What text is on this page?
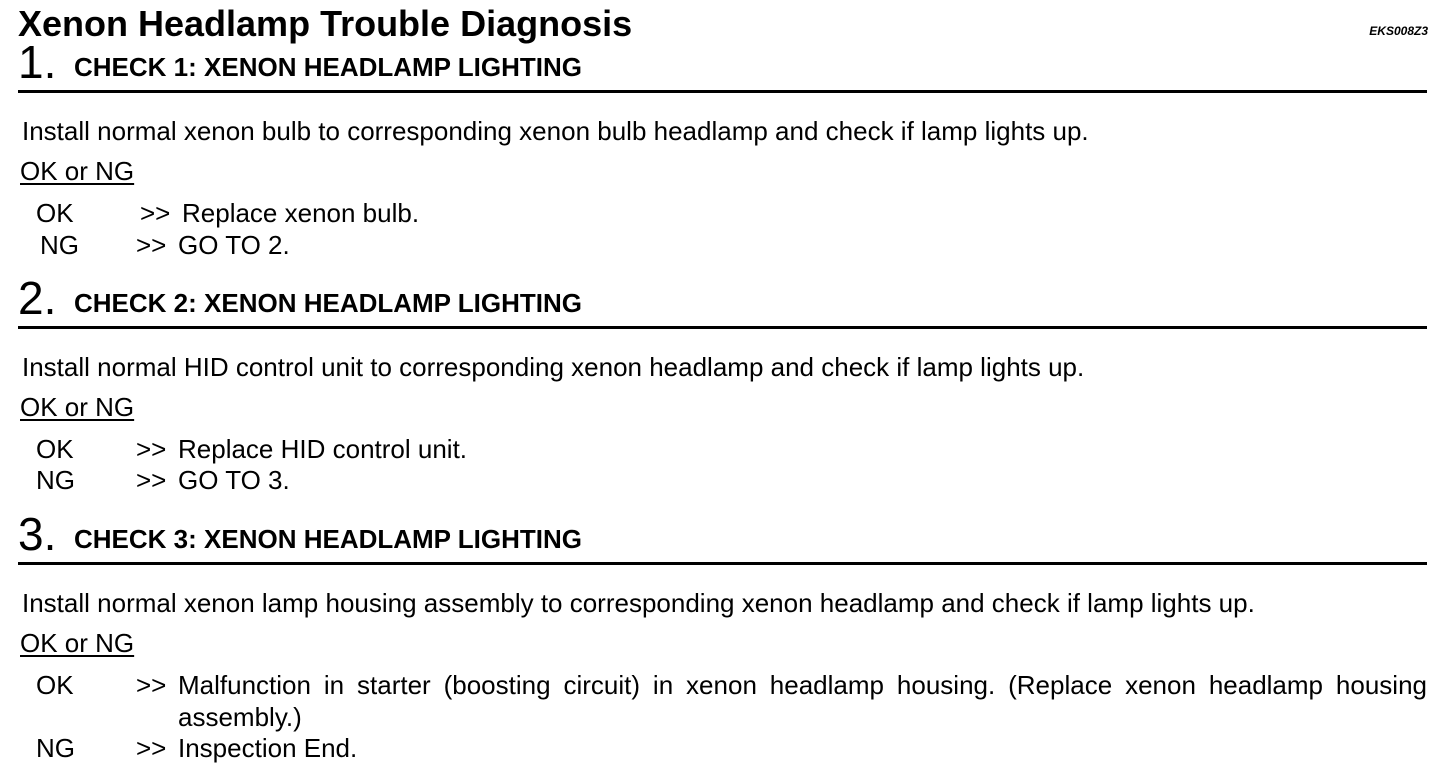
Xenon Headlamp Trouble Diagnosis	EKS008Z3
1. CHECK 1: XENON HEADLAMP LIGHTING
Install normal xenon bulb to corresponding xenon bulb headlamp and check if lamp lights up.
OK or NG
OK	>> Replace xenon bulb.
NG >> GO TO 2.
2. CHECK 2: XENON HEADLAMP LIGHTING
Install normal HID control unit to corresponding xenon headlamp and check if lamp lights up.
OK or NG
OK >> Replace HID control unit.
NG >> GO TO 3.
3. CHECK 3: XENON HEADLAMP LIGHTING
Install normal xenon lamp housing assembly to corresponding xenon headlamp and check if lamp lights up.
OK or NG
OK >> Malfunction in starter (boosting circuit) in xenon headlamp housing. (Replace xenon headlamp housing assembly.)
NG >> Inspection End.
